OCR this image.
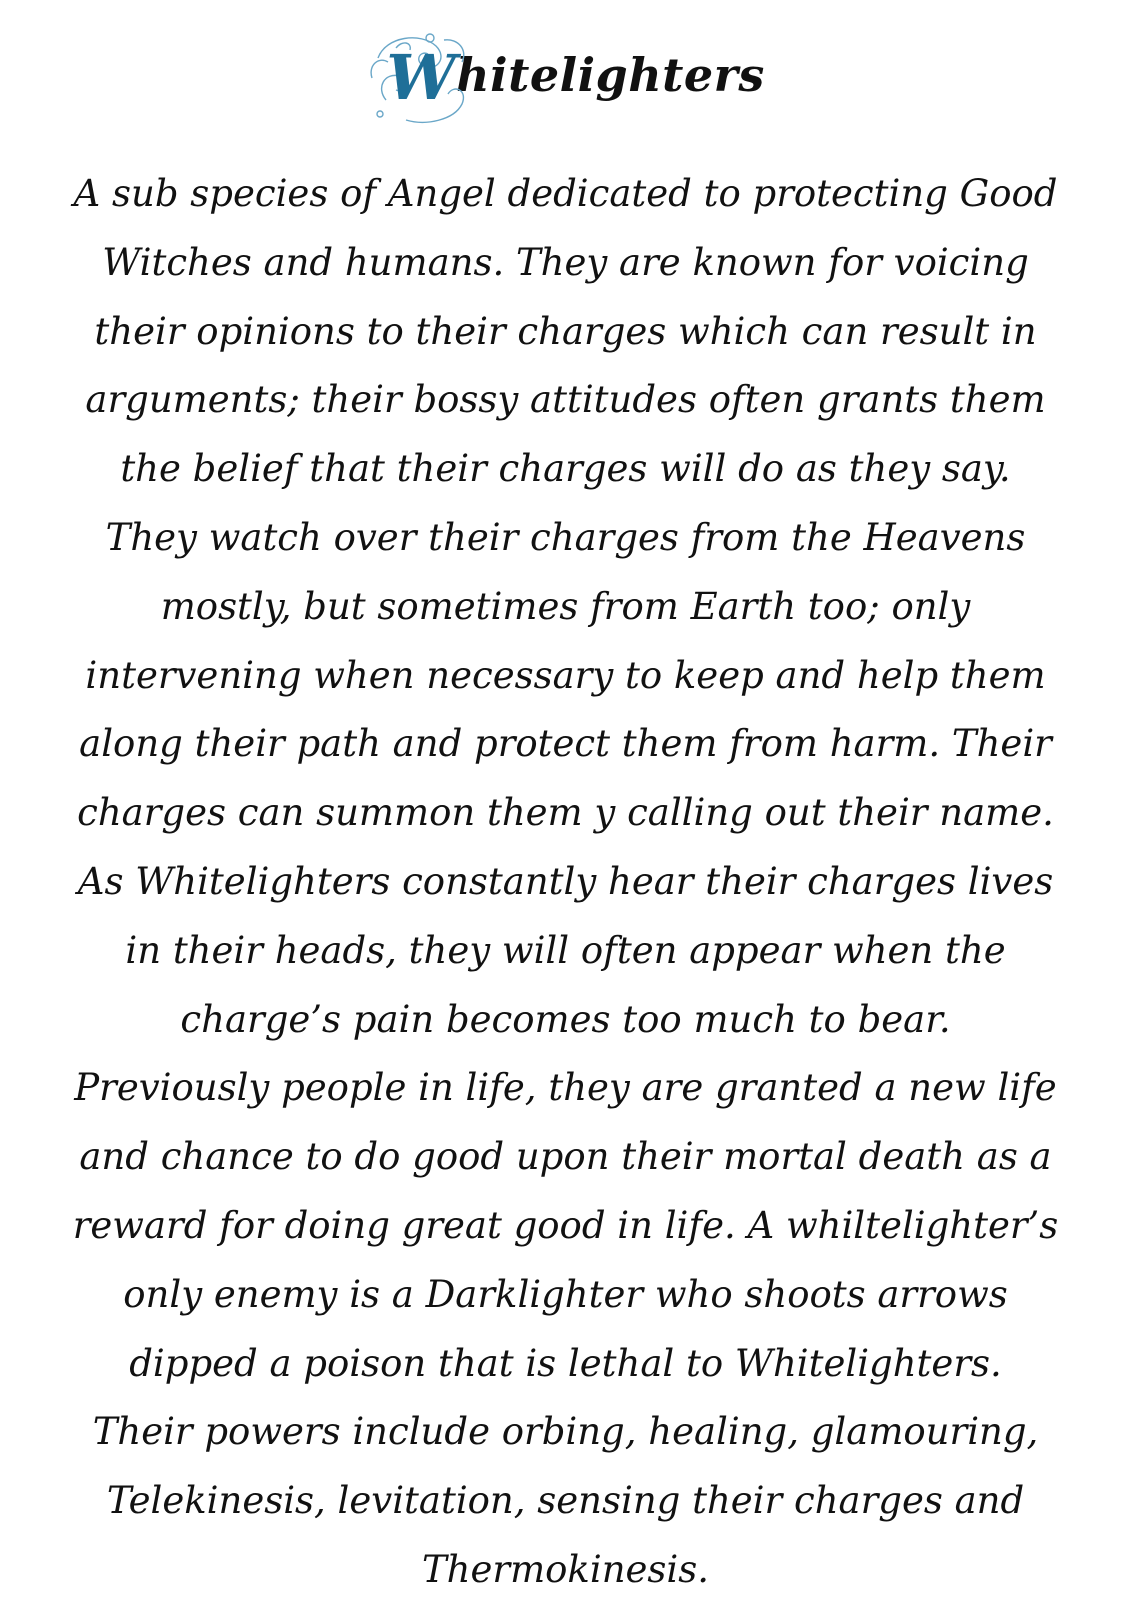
W hitelighters

A sub species of Angel dedicated to protecting Good Witches and humans. They are known for voicing their opinions to their charges which can result in arguments; their bossy attitudes often grants them the belief that their charges will do as they say.

They watch over their charges from the Heavens mostly, but sometimes from Earth too; only intervening when necessary to keep and help them along their path and protect them from harm. Their charges can summon them y calling out their name.

As Whitelighters constantly hear their charges lives in their heads, they will often appear when the charge’s pain becomes too much to bear.

Previously people in life, they are granted a new life and chance to do good upon their mortal death as a reward for doing great good in life. A whiltelighter’s only enemy is a Darklighter who shoots arrows dipped a poison that is lethal to Whitelighters.

Their powers include orbing, healing, glamouring, Telekinesis, levitation, sensing their charges and Thermokinesis.
